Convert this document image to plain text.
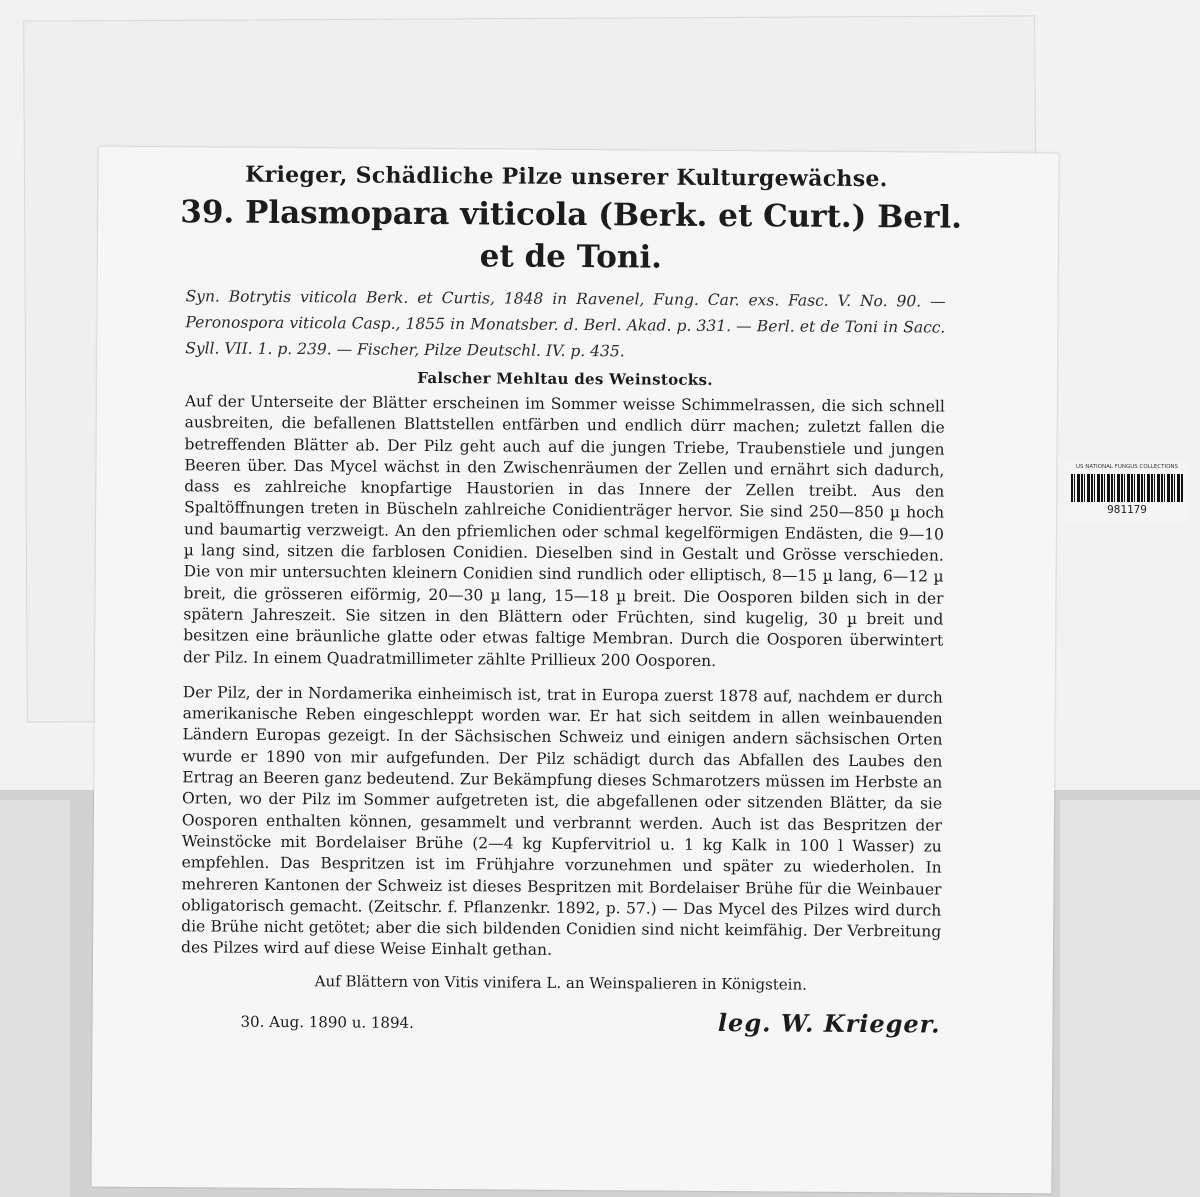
Krieger, Schädliche Pilze unserer Kulturgewächse.

39. Plasmopara viticola (Berk. et Curt.) Berl. et de Toni.

Syn. Botrytis viticola Berk. et Curtis, 1848 in Ravenel, Fung. Car. exs. Fasc. V. No. 90. — Peronospora viticola Casp., 1855 in Monatsber. d. Berl. Akad. p. 331. — Berl. et de Toni in Sacc. Syll. VII. 1. p. 239. — Fischer, Pilze Deutschl. IV. p. 435.

Falscher Mehltau des Weinstocks.

Auf der Unterseite der Blätter erscheinen im Sommer weisse Schimmelrassen, die sich schnell ausbreiten, die befallenen Blattstellen entfärben und endlich dürr machen; zuletzt fallen die betreffenden Blätter ab. Der Pilz geht auch auf die jungen Triebe, Traubenstiele und jungen Beeren über. Das Mycel wächst in den Zwischenräumen der Zellen und ernährt sich dadurch, dass es zahlreiche knopfartige Haustorien in das Innere der Zellen treibt. Aus den Spaltöffnungen treten in Büscheln zahlreiche Conidienträger hervor. Sie sind 250—850 µ hoch und baumartig verzweigt. An den pfriemlichen oder schmal kegelförmigen Endästen, die 9—10 µ lang sind, sitzen die farblosen Conidien. Dieselben sind in Gestalt und Grösse verschieden. Die von mir untersuchten kleinern Conidien sind rundlich oder elliptisch, 8—15 µ lang, 6—12 µ breit, die grösseren eiförmig, 20—30 µ lang, 15—18 µ breit. Die Oosporen bilden sich in der spätern Jahreszeit. Sie sitzen in den Blättern oder Früchten, sind kugelig, 30 µ breit und besitzen eine bräunliche glatte oder etwas faltige Membran. Durch die Oosporen überwintert der Pilz. In einem Quadratmillimeter zählte Prillieux 200 Oosporen.

Der Pilz, der in Nordamerika einheimisch ist, trat in Europa zuerst 1878 auf, nachdem er durch amerikanische Reben eingeschleppt worden war. Er hat sich seitdem in allen weinbauenden Ländern Europas gezeigt. In der Sächsischen Schweiz und einigen andern sächsischen Orten wurde er 1890 von mir aufgefunden. Der Pilz schädigt durch das Abfallen des Laubes den Ertrag an Beeren ganz bedeutend. Zur Bekämpfung dieses Schmarotzers müssen im Herbste an Orten, wo der Pilz im Sommer aufgetreten ist, die abgefallenen oder sitzenden Blätter, da sie Oosporen enthalten können, gesammelt und verbrannt werden. Auch ist das Bespritzen der Weinstöcke mit Bordelaiser Brühe (2—4 kg Kupfervitriol u. 1 kg Kalk in 100 l Wasser) zu empfehlen. Das Bespritzen ist im Frühjahre vorzunehmen und später zu wiederholen. In mehreren Kantonen der Schweiz ist dieses Bespritzen mit Bordelaiser Brühe für die Weinbauer obligatorisch gemacht. (Zeitschr. f. Pflanzenkr. 1892, p. 57.) — Das Mycel des Pilzes wird durch die Brühe nicht getötet; aber die sich bildenden Conidien sind nicht keimfähig. Der Verbreitung des Pilzes wird auf diese Weise Einhalt gethan.

Auf Blättern von Vitis vinifera L. an Weinspalieren in Königstein.

30. Aug. 1890 u. 1894.	leg. W. Krieger.
US NATIONAL FUNGUS COLLECTIONS
981179
